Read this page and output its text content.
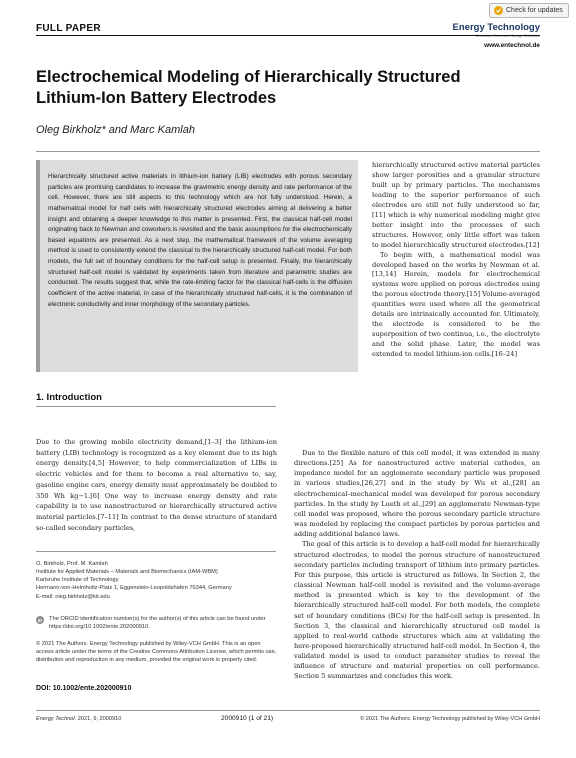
Check for updates
FULL PAPER	Energy Technology
Generation, Conversion, Storage, Distribution
www.entechnol.de
Electrochemical Modeling of Hierarchically Structured
Lithium-Ion Battery Electrodes
Oleg Birkholz* and Marc Kamlah

Hierarchically structured active materials in lithium-ion battery (LIB) electrodes with porous secondary particles are promising candidates to increase the gravimetric energy density and rate performance of the cell. However, there are still aspects to this technology which are not fully understood. Herein, a mathematical model for half cells with hierarchically structured electrodes aiming at delivering a better insight and obtaining a deeper knowledge to this matter is presented. First, the classical half-cell model originating back to Newman and coworkers is revisited and the basic assumptions for the electrochemically based equations are presented. As a next step, the mathematical framework of the volume averaging method is used to consistently extend the classical to the hierarchically structured half-cell model. For both models, the full set of boundary conditions for the half-cell setup is presented. Finally, the hierarchically structured half-cell model is validated by experiments taken from literature and parametric studies are conducted. The results suggest that, while the rate-limiting factor for the classical half-cells is the diffusion coefficient of the active material, in case of the hierarchically structured half-cells, it is the combination of electronic conductivity and inner morphology of the secondary particles.

hierarchically structured active material particles show larger porosities and a granular structure built up by primary particles. The mechanisms leading to the superior performance of such electrodes are still not fully understood so far,[11] which is why numerical modeling might give better insight into the processes of such structures. However, only little effort was taken to model hierarchically structured electrodes.[12]

To begin with, a mathematical model was developed based on the works by Newman et al.[13,14] Herein, models for electrochemical systems were applied on porous electrodes using the porous electrode theory.[15] Volume-averaged quantities were used where all the geometrical details are intrinsically accounted for. Ultimately, the electrode is considered to be the superposition of two continua, i.e., the electrolyte and the solid phase. Later, the model was extended to model lithium-ion cells.[16–24]

1. Introduction

Due to the growing mobile electricity demand,[1–3] the lithium-ion battery (LIB) technology is recognized as a key element due to its high energy density.[4,5] However, to help commercialization of LIBs in electric vehicles and for them to become a real alternative to, say, gasoline engine cars, energy density must approximately be doubled to 350 Wh kg−1.[6] One way to increase energy density and rate capability is to use nanostructured or hierarchically structured active material particles.[7–11] In contrast to the dense structure of standard so-called secondary particles,

Due to the flexible nature of this cell model, it was extended in many directions.[25] As for nanostructured active material cathodes, an impedance model for an agglomerate secondary particle was proposed in various studies,[26,27] and in the study by Wu et al.,[28] an electrochemical–mechanical model was developed for porous secondary particles. In the study by Lueth et al.,[29] an agglomerate Newman-type cell model was proposed, where the porous secondary particle structure was modeled by replacing the compact particles by porous particles and adding additional balance laws.

The goal of this article is to develop a half-cell model for hierarchically structured electrodes, to model the porous structure of nanostructured secondary particles including transport of lithium into primary particles. For this purpose, this article is structured as follows. In Section 2, the classical Newman half-cell model is revisited and the volume-average method is presented which is key to the development of the hierarchically structured half-cell model. For both models, the complete set of boundary conditions (BCs) for the half-cell setup is presented. In Section 3, the classical and hierarchically structured cell model is applied to real-world cathode structures which aim at validating the here-proposed hierarchically structured half-cell model. In Section 4, the validated model is used to conduct parameter studies to reveal the influence of structure and material properties on cell performance. Section 5 summarizes and concludes this work.

O. Birkholz, Prof. M. Kamlah
Institute for Applied Materials – Materials and Biomechanics (IAM-WBM)
Karlsruhe Institute of Technology
Hermann-von-Helmholtz-Platz 1, Eggenstein-Leopoldshafen 76344, Germany
E-mail: oleg.birkholz@kit.edu
iD The ORCID identification number(s) for the author(s) of this article can be found under https://doi.org/10.1002/ente.202000910.

© 2021 The Authors. Energy Technology published by Wiley-VCH GmbH. This is an open access article under the terms of the Creative Commons Attribution License, which permits use, distribution and reproduction in any medium, provided the original work is properly cited.

DOI: 10.1002/ente.202000910
Energy Technol. 2021, 9, 2000910	2000910 (1 of 21)	© 2021 The Authors. Energy Technology published by Wiley-VCH GmbH
